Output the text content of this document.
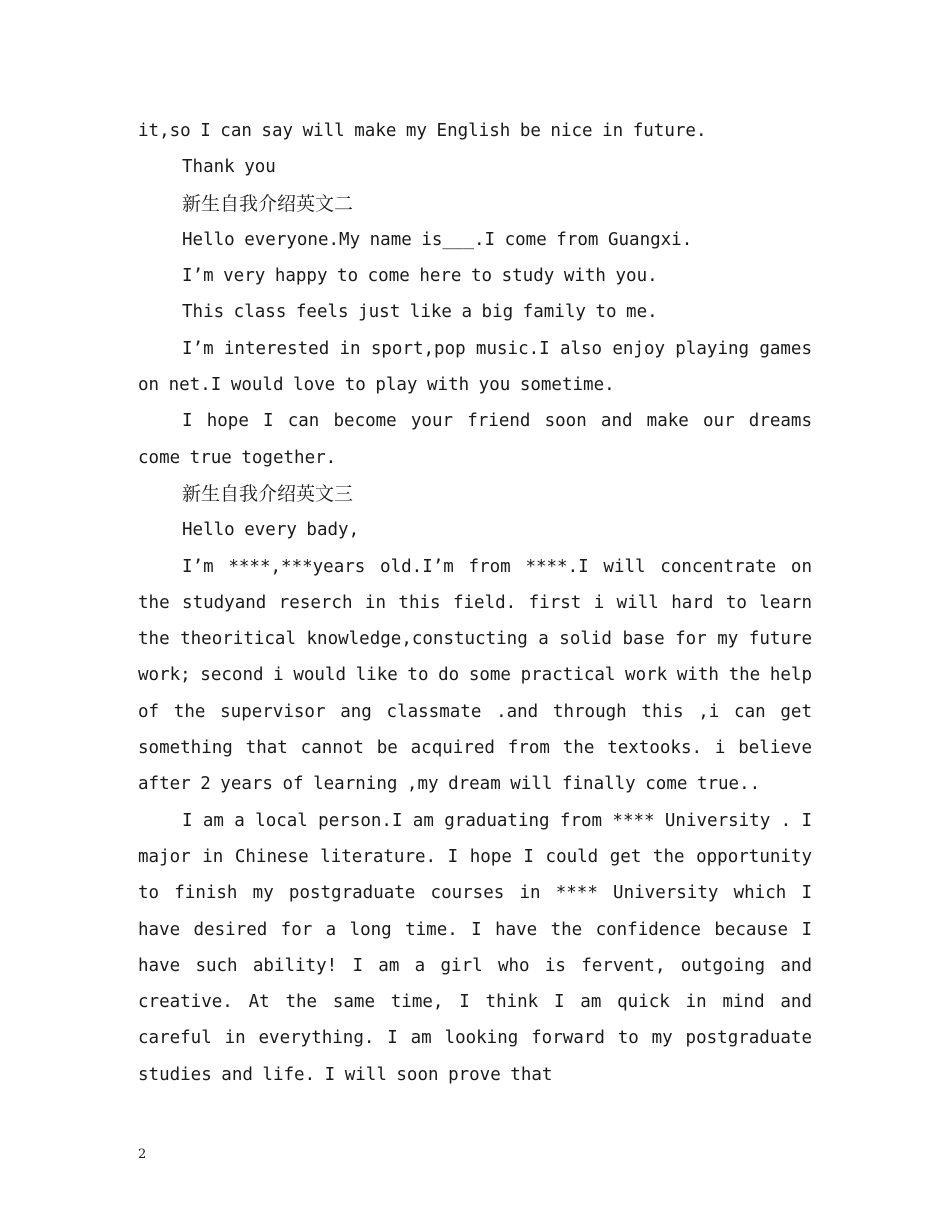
it,so I can say will make my English be nice in future.

Thank you

新生自我介绍英文二

Hello everyone.My name is___.I come from Guangxi.

I’m very happy to come here to study with you.

This class feels just like a big family to me.

I’m interested in sport,pop music.I also enjoy playing games on net.I would love to play with you sometime.

I hope I can become your friend soon and make our dreams come true together.

新生自我介绍英文三

Hello every bady,

I’m ****,***years old.I’m from ****.I will concentrate on the studyand reserch in this field. first i will hard to learn the theoritical knowledge,constucting a solid base for my future work; second i would like to do some practical work with the help of the supervisor ang classmate .and through this ,i can get something that cannot be acquired from the textooks. i believe after 2 years of learning ,my dream will finally come true..

I am a local person.I am graduating from **** University . I major in Chinese literature. I hope I could get the opportunity to finish my postgraduate courses in **** University which I have desired for a long time. I have the confidence because I have such ability! I am a girl who is fervent, outgoing and creative. At the same time, I think I am quick in mind and careful in everything. I am looking forward to my postgraduate studies and life. I will soon prove that

2
